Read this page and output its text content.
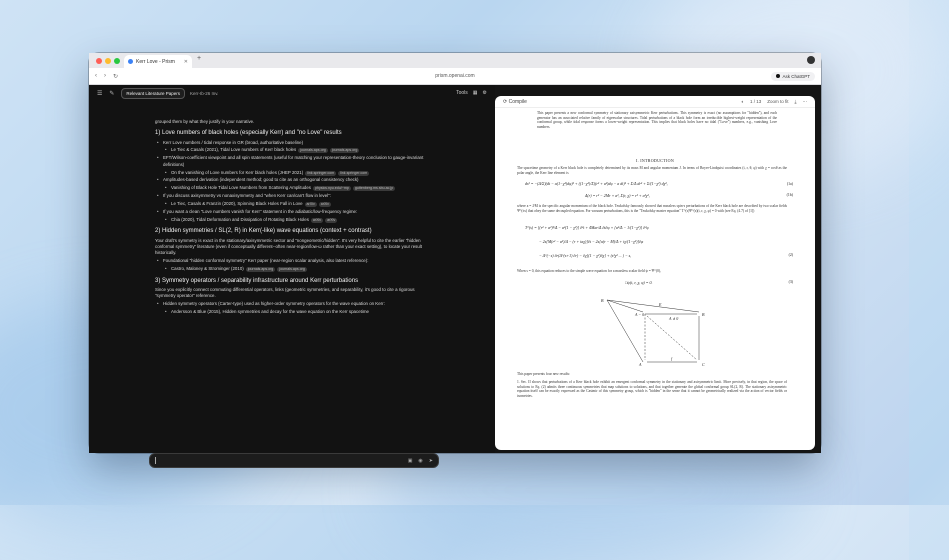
Kerr Love - Prism ✕ +
‹ › ↻	prism.openai.com	Ask ChatGPT
☰ ✎	Relevant Literature Papers	Kerr-Ib-26 Inv.	Tools ▦ ⚙

grouped them by what they justify in your narrative.

1) Love numbers of black holes (especially Kerr) and "no Love" results
• Kerr Love numbers / tidal response in GR (broad, authoritative baseline)
• Le Tiec & Casals (2021), Tidal Love numbers of Kerr black holes journals.aps.org journals.aps.org
• EFT/Wilson-coefficient viewpoint and all spin statements (useful for matching your representation-theory conclusion to gauge-invariant definitions)
• On the vanishing of Love numbers for Kerr black holes (JHEP 2021) link.springer.com link.springer.com
• Amplitudes-based derivation (independent method; good to cite as an orthogonal consistency check)
• Vanishing of Black Hole Tidal Love Numbers from Scattering Amplitudes physics.nyu.edu/~mp guttenberg.ms.sbu.ac.jp
• If you discuss axisymmetry vs nonaxisymmetry and "when Kerr can/can't flow in level":
• Le Tiec, Casals & Franzin (2020), Spinning Black Holes Fall in Love arXiv arXiv
• If you want a clean "Love numbers vanish for Kerr" statement in the adiabatic/low-frequency regime:
• Chia (2020), Tidal Deformation and Dissipation of Rotating Black Holes arXiv arXiv
2) Hidden symmetries / SL(2, R) in Kerr(-like) wave equations (context + contrast)

Your draft's symmetry is exact in the stationary/axisymmetric sector and "nongeometric/hidden". It's very helpful to cite the earlier "hidden conformal symmetry" literature (even if conceptually different--often near-region/low-ω rather than your exact setting), to locate your result historically.

• Foundational "hidden conformal symmetry" Kerr paper (near-region scalar analysis, also latest reference):
• Castro, Maloney & Strominger (2010) journals.aps.org journals.aps.org
3) Symmetry operators / separability infrastructure around Kerr perturbations

Since you explicitly connect commuting differential operators, links (geometric symmetries, and separability, it's good to cite a rigorous "symmetry operator" reference.

• Hidden symmetry operators (Carter-type) used as higher-order symmetry operators for the wave equation on Kerr:
• Andersson & Blue (2015), Hidden symmetries and decay for the wave equation on the Kerr spacetime
▣ ◉ ➤
⟳ Compile	◐ 1 / 13 Zoom to fit ⤓ ⋯
This paper presents a new conformal symmetry of stationary axisymmetric Kerr perturbations. This symmetry is exact (no assumptions for "hidden"), and each generator has an associated relative family of eigenvalue structures. Tidal perturbations of a black hole form an irreducible highest-weight representation of the conformal group, while tidal response forms a lower-weight representation. This implies that black holes have no tidal ("Love") numbers, e.g., vanishing Love numbers.
I. INTRODUCTION
The spacetime geometry of a Kerr black hole is completely determined by its mass M and angular momentum J. In terms of Boyer-Lindquist coordinates (t, r, θ, φ) with χ = cosθ as the polar angle, the Kerr line element is
ds² = −(Δ/Σ)(dt − a(1−χ²)dφ)² + ((1−χ²)/Σ)(r² + a²)dφ − a dt)² + Σ/Δ dr² + Σ/(1−χ²) dχ²,	(1a)
Δ(r) = r² − 2Mr + a², Σ(r, χ) = r² + a²χ²,	(1b)
where a = J/M is the specific angular momentum of the black hole. Teukolsky famously showed that massless spin-s perturbations of the Kerr black hole are described by two scalar fields Ψ^(±s) that obey the same decoupled equation. For vacuum perturbations, this is the "Teukolsky master equation" T^(s)Ψ^(s)(t, r, χ, φ) = 0 with (see Eq. (4.7) of [1])
T^(s) = [(r² + a²)²/Δ − a²(1 − χ²)] ∂²t + 4Mar/Δ ∂t∂φ + [a²/Δ − 1/(1−χ²)] ∂²φ
− 2s[M(r² − a²)/Δ − (r + iaχ)]∂t − 2s[a(r − M)/Δ + iχ/(1−χ²)]∂φ
− Δ^(−s) ∂r(Δ^(s+1) ∂r) − ∂χ[(1 − χ²)∂χ] + (s²χ² ... ) − s,	(2)
When s = 0, this equation reduces to the simple wave equation for a massless scalar field ψ = Ψ^(0),
□ψ(t, r, χ, φ) = 0.	(3)
B
A − 0
A ∧ 0
B
A	C
f
E
This paper presents four new results:
1. Sec. II shows that perturbations of a Kerr black hole exhibit an emergent conformal symmetry in the stationary and axisymmetric limit. More precisely, in that region, the space of solutions to Eq. (2) admits three continuous symmetries that map solutions to solutions, and that together generate the global conformal group SL(2, R). The stationary axisymmetric equation itself can be exactly expressed as the Casimir of this symmetry group, which is "hidden" in the sense that it cannot be geometrically realized via the action of vector fields or isometries.
